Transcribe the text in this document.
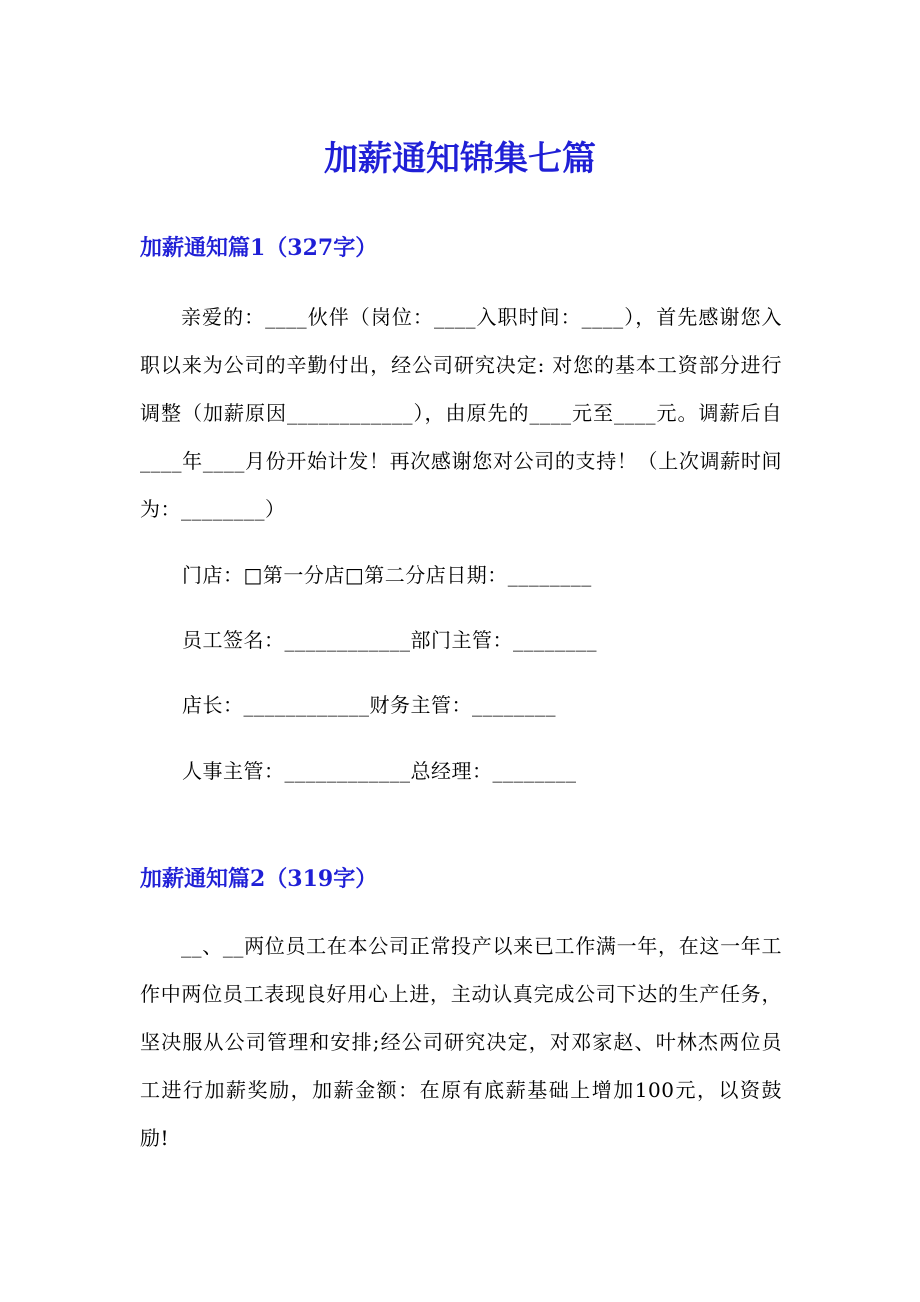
加薪通知锦集七篇
加薪通知篇1（327字）

亲爱的：____伙伴（岗位：____入职时间：____），首先感谢您入职以来为公司的辛勤付出，经公司研究决定: 对您的基本工资部分进行调整（加薪原因____________），由原先的____元至____元。调薪后自____年____月份开始计发！再次感谢您对公司的支持！（上次调薪时间为：________）

门店：□第一分店□第二分店日期：________

员工签名：____________部门主管：________

店长：____________财务主管：________

人事主管：____________总经理：________

加薪通知篇2（319字）

__、__两位员工在本公司正常投产以来已工作满一年，在这一年工作中两位员工表现良好用心上进，主动认真完成公司下达的生产任务，坚决服从公司管理和安排;经公司研究决定，对邓家赵、叶林杰两位员工进行加薪奖励，加薪金额：在原有底薪基础上增加100元，以资鼓励!
